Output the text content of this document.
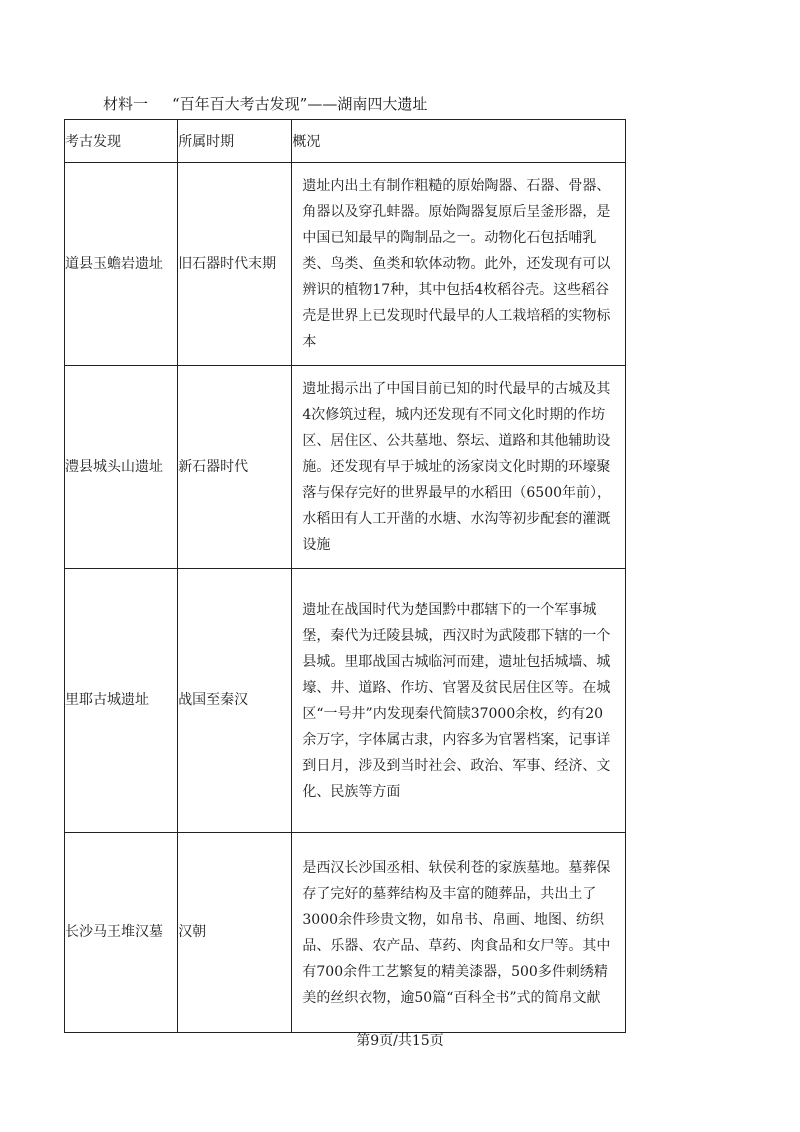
材料一 “百年百大考古发现”——湖南四大遗址
考古发现	所属时期	概况
道县玉蟾岩遗址	旧石器时代末期	遗址内出土有制作粗糙的原始陶器、石器、骨器、角器以及穿孔蚌器。原始陶器复原后呈釜形器，是中国已知最早的陶制品之一。动物化石包括哺乳类、鸟类、鱼类和软体动物。此外，还发现有可以辨识的植物17种，其中包括4枚稻谷壳。这些稻谷壳是世界上已发现时代最早的人工栽培稻的实物标本
澧县城头山遗址	新石器时代	遗址揭示出了中国目前已知的时代最早的古城及其4次修筑过程，城内还发现有不同文化时期的作坊区、居住区、公共墓地、祭坛、道路和其他辅助设施。还发现有早于城址的汤家岗文化时期的环壕聚落与保存完好的世界最早的水稻田（6500年前），水稻田有人工开凿的水塘、水沟等初步配套的灌溉设施
里耶古城遗址	战国至秦汉	遗址在战国时代为楚国黔中郡辖下的一个军事城堡，秦代为迁陵县城，西汉时为武陵郡下辖的一个县城。里耶战国古城临河而建，遗址包括城墙、城壕、井、道路、作坊、官署及贫民居住区等。在城区“一号井”内发现秦代简牍37000余枚，约有20余万字，字体属古隶，内容多为官署档案，记事详到日月，涉及到当时社会、政治、军事、经济、文化、民族等方面
长沙马王堆汉墓	汉朝	是西汉长沙国丞相、轪侯利苍的家族墓地。墓葬保存了完好的墓葬结构及丰富的随葬品，共出土了3000余件珍贵文物，如帛书、帛画、地图、纺织品、乐器、农产品、草药、肉食品和女尸等。其中有700余件工艺繁复的精美漆器，500多件刺绣精美的丝织衣物，逾50篇“百科全书”式的简帛文献
第9页/共15页
